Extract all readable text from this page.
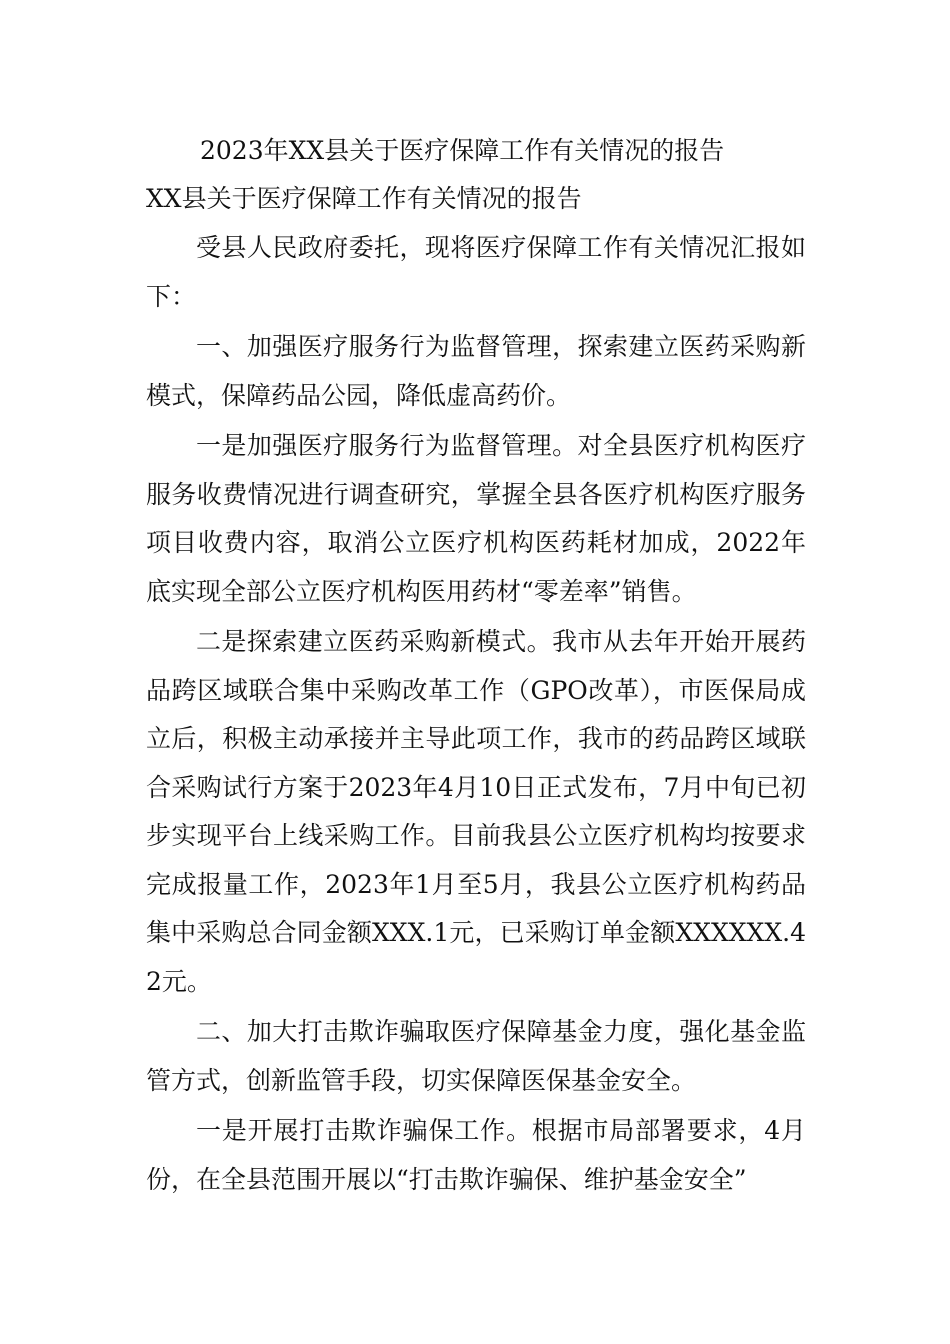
2023年XX县关于医疗保障工作有关情况的报告
XX县关于医疗保障工作有关情况的报告

受县人民政府委托，现将医疗保障工作有关情况汇报如下：

一、加强医疗服务行为监督管理，探索建立医药采购新模式，保障药品公园，降低虚高药价。

一是加强医疗服务行为监督管理。对全县医疗机构医疗服务收费情况进行调查研究，掌握全县各医疗机构医疗服务项目收费内容，取消公立医疗机构医药耗材加成，2022年底实现全部公立医疗机构医用药材“零差率”销售。

二是探索建立医药采购新模式。我市从去年开始开展药品跨区域联合集中采购改革工作（GPO改革），市医保局成立后，积极主动承接并主导此项工作，我市的药品跨区域联合采购试行方案于2023年4月10日正式发布，7月中旬已初步实现平台上线采购工作。目前我县公立医疗机构均按要求完成报量工作，2023年1月至5月，我县公立医疗机构药品集中采购总合同金额XXX.1元，已采购订单金额XXXXXX.42元。

二、加大打击欺诈骗取医疗保障基金力度，强化基金监管方式，创新监管手段，切实保障医保基金安全。

一是开展打击欺诈骗保工作。根据市局部署要求，4月份，在全县范围开展以“打击欺诈骗保、维护基金安全”
